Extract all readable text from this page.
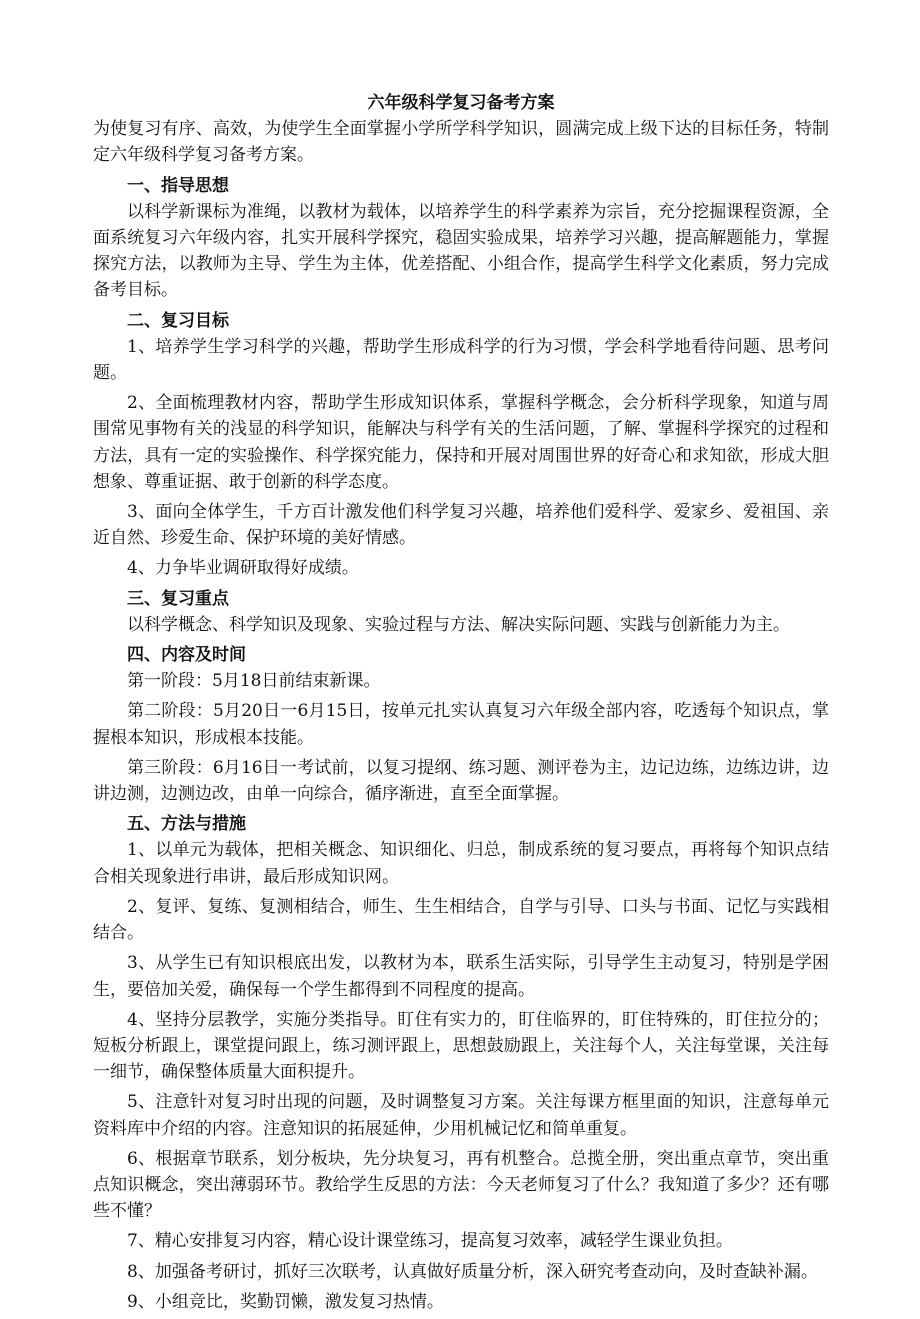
六年级科学复习备考方案

为使复习有序、高效，为使学生全面掌握小学所学科学知识，圆满完成上级下达的目标任务，特制定六年级科学复习备考方案。

一、指导思想

以科学新课标为准绳，以教材为载体，以培养学生的科学素养为宗旨，充分挖掘课程资源，全面系统复习六年级内容，扎实开展科学探究，稳固实验成果，培养学习兴趣，提高解题能力，掌握探究方法，以教师为主导、学生为主体，优差搭配、小组合作，提高学生科学文化素质，努力完成备考目标。

二、复习目标

1、培养学生学习科学的兴趣，帮助学生形成科学的行为习惯，学会科学地看待问题、思考问题。

2、全面梳理教材内容，帮助学生形成知识体系，掌握科学概念，会分析科学现象，知道与周围常见事物有关的浅显的科学知识，能解决与科学有关的生活问题，了解、掌握科学探究的过程和方法，具有一定的实验操作、科学探究能力，保持和开展对周围世界的好奇心和求知欲，形成大胆想象、尊重证据、敢于创新的科学态度。

3、面向全体学生，千方百计激发他们科学复习兴趣，培养他们爱科学、爱家乡、爱祖国、亲近自然、珍爱生命、保护环境的美好情感。

4、力争毕业调研取得好成绩。

三、复习重点

以科学概念、科学知识及现象、实验过程与方法、解决实际问题、实践与创新能力为主。

四、内容及时间

第一阶段：5月18日前结束新课。

第二阶段：5月20日一6月15日，按单元扎实认真复习六年级全部内容，吃透每个知识点，掌握根本知识，形成根本技能。

第三阶段：6月16日一考试前，以复习提纲、练习题、测评卷为主，边记边练，边练边讲，边讲边测，边测边改，由单一向综合，循序渐进，直至全面掌握。

五、方法与措施

1、以单元为载体，把相关概念、知识细化、归总，制成系统的复习要点，再将每个知识点结合相关现象进行串讲，最后形成知识网。

2、复评、复练、复测相结合，师生、生生相结合，自学与引导、口头与书面、记忆与实践相结合。

3、从学生已有知识根底出发，以教材为本，联系生活实际，引导学生主动复习，特别是学困生，要倍加关爱，确保每一个学生都得到不同程度的提高。

4、坚持分层教学，实施分类指导。盯住有实力的，盯住临界的，盯住特殊的，盯住拉分的；短板分析跟上，课堂提问跟上，练习测评跟上，思想鼓励跟上，关注每个人，关注每堂课，关注每一细节，确保整体质量大面积提升。

5、注意针对复习时出现的问题，及时调整复习方案。关注每课方框里面的知识，注意每单元资料库中介绍的内容。注意知识的拓展延伸，少用机械记忆和简单重复。

6、根据章节联系，划分板块，先分块复习，再有机整合。总揽全册，突出重点章节，突出重点知识概念，突出薄弱环节。教给学生反思的方法：今天老师复习了什么？我知道了多少？还有哪些不懂？

7、精心安排复习内容，精心设计课堂练习，提高复习效率，减轻学生课业负担。

8、加强备考研讨，抓好三次联考，认真做好质量分析，深入研究考查动向，及时查缺补漏。

9、小组竞比，奖勤罚懒，激发复习热情。
